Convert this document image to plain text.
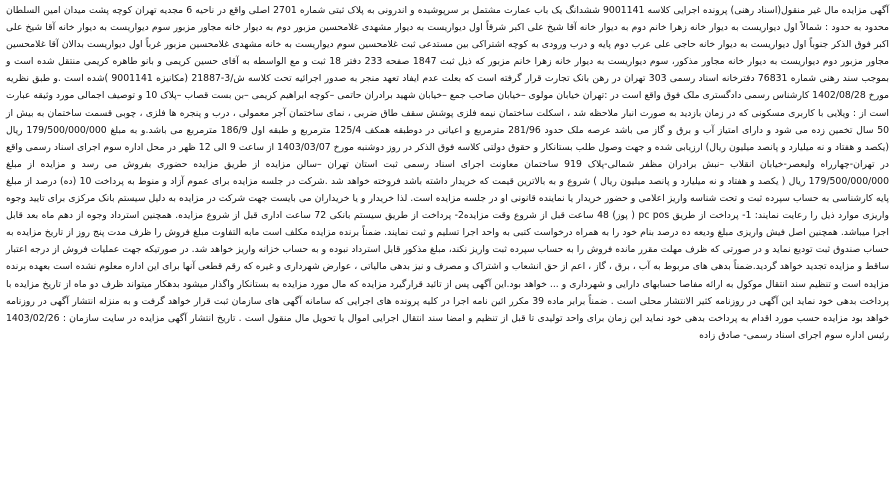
آگهی مزایده مال غیر منقول(اسناد رهنی) پرونده اجرایی کلاسه 9001141 ششدانگ یک باب عمارت مشتمل بر سرپوشیده و اندرونی به پلاک ثبتی شماره 2701 اصلی واقع در ناحیه 6 مجدیه تهران کوچه پشت میدان امین السلطان محدود به حدود : شمالاً اول دیواریست به دیوار خانه زهرا خانم دوم به دیوار خانه آقا شیخ علی اکبر شرقاً اول دیواریست به دیوار مشهدی غلامحسین مزبور دوم به دیوار خانه مجاور مزبور سوم دیواریست به دیوار خانه آقا شیخ علی اکبر فوق الذکر جنوباً اول دیواریست به دیوار خانه حاجی علی عرب دوم پایه و درب ورودی به کوچه اشتراکی بین مستدعی ثبت غلامحسین سوم دیواریست به خانه مشهدی غلامحسین مزبور غرباً اول دیواریست بدالان آقا غلامحسین مجاور مزبور دوم دیواریست به دیوار خانه مجاور مذکور، سوم دیواریست به دیوار خانه زهرا خانم مزبور که ذیل ثبت 1847 صفحه 233 دفتر 18 ثبت و مع الواسطه به آقای حسین کریمی و بانو طاهره کریمی منتقل شده است و بموجب سند رهنی شماره 76831 دفترخانه اسناد رسمی 303 تهران در رهن بانک تجارت قرار گرفته است که بعلت عدم ایفاد تعهد منجر به صدور اجرائیه تحت کلاسه ش/3-21887 (مکانیزه 9001141 )شده است .و طبق نظریه مورخ 1402/08/28 کارشناس رسمی دادگستری ملک فوق واقع است در :تهران خیابان مولوی –خیابان صاحب جمع –خیابان شهید برادران حاتمی –کوچه ابراهیم کریمی –بن بست قصاب –پلاک 10 و توصیف اجمالی مورد وثیقه عبارت است از : ویلایی با کاربری مسکونی که در زمان بازدید به صورت انبار ملاحظه شد ، اسکلت ساختمان نیمه فلزی پوشش سقف طاق ضربی ، نمای ساختمان آجر معمولی ، درب و پنجره ها فلزی ، چوبی قسمت ساختمان به بیش از 50 سال تخمین زده می شود و دارای امتیاز آب و برق و گاز می باشد عرصه ملک حدود 281/96 مترمربع و اعیانی در دوطبقه همکف 125/4 مترمربع و طبقه اول 186/9 مترمربع می باشد.و به مبلغ 179/500/000/000 ریال (یکصد و هفتاد و نه میلیارد و پانصد میلیون ریال) ارزیابی شده و جهت وصول طلب بستانکار و حقوق دولتی کلاسه فوق الذکر در روز دوشنبه مورخ 1403/03/07 از ساعت 9 الی 12 ظهر در محل اداره سوم اجرای اسناد رسمی واقع در تهران-چهارراه ولیعصر-خیابان انقلاب –نبش برادران مظفر شمالی-پلاک 919 ساختمان معاونت اجرای اسناد رسمی ثبت استان تهران –سالن مزایده از طریق مزایده حضوری بفروش می رسد و مزایده از مبلغ 179/500/000/000 ریال ( یکصد و هفتاد و نه میلیارد و پانصد میلیون ریال ) شروع و به بالاترین قیمت که خریدار داشته باشد فروخته خواهد شد .شرکت در جلسه مزایده برای عموم آزاد و منوط به پرداخت 10 (ده) درصد از مبلغ پایه کارشناسی به حساب سپرده ثبت و تحت شناسه واریز اعلامی و حضور خریدار یا نماینده قانونی او در جلسه مزایده است. لذا خریدار و یا خریداران می بایست جهت شرکت در مزایده به دلیل سیستم بانک مرکزی برای تایید وجوه واریزی موارد ذیل را رعایت نمایند: 1- پرداخت از طریق pc pos ( پوز) 48 ساعت قبل از شروع وقت مزایده2- پرداخت از طریق سیستم بانکی 72 ساعت اداری قبل از شروع مزایده. همچنین استرداد وجوه از دهم ماه بعد قابل اجرا میباشد. همچنین اصل فیش واریزی مبلغ ودیعه ده درصد بنام خود را به همراه درخواست کتبی به واحد اجرا تسلیم و ثبت نمایند. ضمناً برنده مزایده مکلف است مابه التفاوت مبلغ فروش را ظرف مدت پنج روز از تاریخ مزایده به حساب صندوق ثبت تودیع نماید و در صورتی که ظرف مهلت مقرر مانده فروش را به حساب سپرده ثبت واریز نکند، مبلغ مذکور قابل استرداد نبوده و به حساب خزانه واریز خواهد شد. در صورتیکه جهت عملیات فروش از درجه اعتبار ساقط و مزایده تجدید خواهد گردید.ضمناً بدهی های مربوط به آب ، برق ، گاز ، اعم از حق انشعاب و اشتراک و مصرف و نیز بدهی مالیاتی ، عوارض شهرداری و غیره که رقم قطعی آنها برای این اداره معلوم نشده است بعهده برنده مزایده است و تنظیم سند انتقال موکول به ارائه مفاصا حسابهای دارایی و شهرداری و ... خواهد بود.این آگهی پس از تائید قرارگیرد مزایده که مال مورد مزایده به بستانکار واگذار میشود بدهکار میتواند ظرف دو ماه از تاریخ مزایده با پرداخت بدهی خود نماید این آگهی در روزنامه کثیر الانتشار محلی است . ضمناً برابر ماده 39 مکرر ائین نامه اجرا در کلیه پرونده های اجرایی که سامانه آگهی های سازمان ثبت قرار خواهد گرفت و به منزله انتشار آگهی در روزنامه خواهد بود مزایده حسب مورد اقدام به پرداخت بدهی خود نماید این زمان برای واحد تولیدی تا قبل از تنظیم و امضا سند انتقال اجرایی اموال یا تحویل مال منقول است . تاریخ انتشار آگهی مزایده در سایت سازمان : 1403/02/26 رئیس اداره سوم اجرای اسناد رسمی- صادق زاده
